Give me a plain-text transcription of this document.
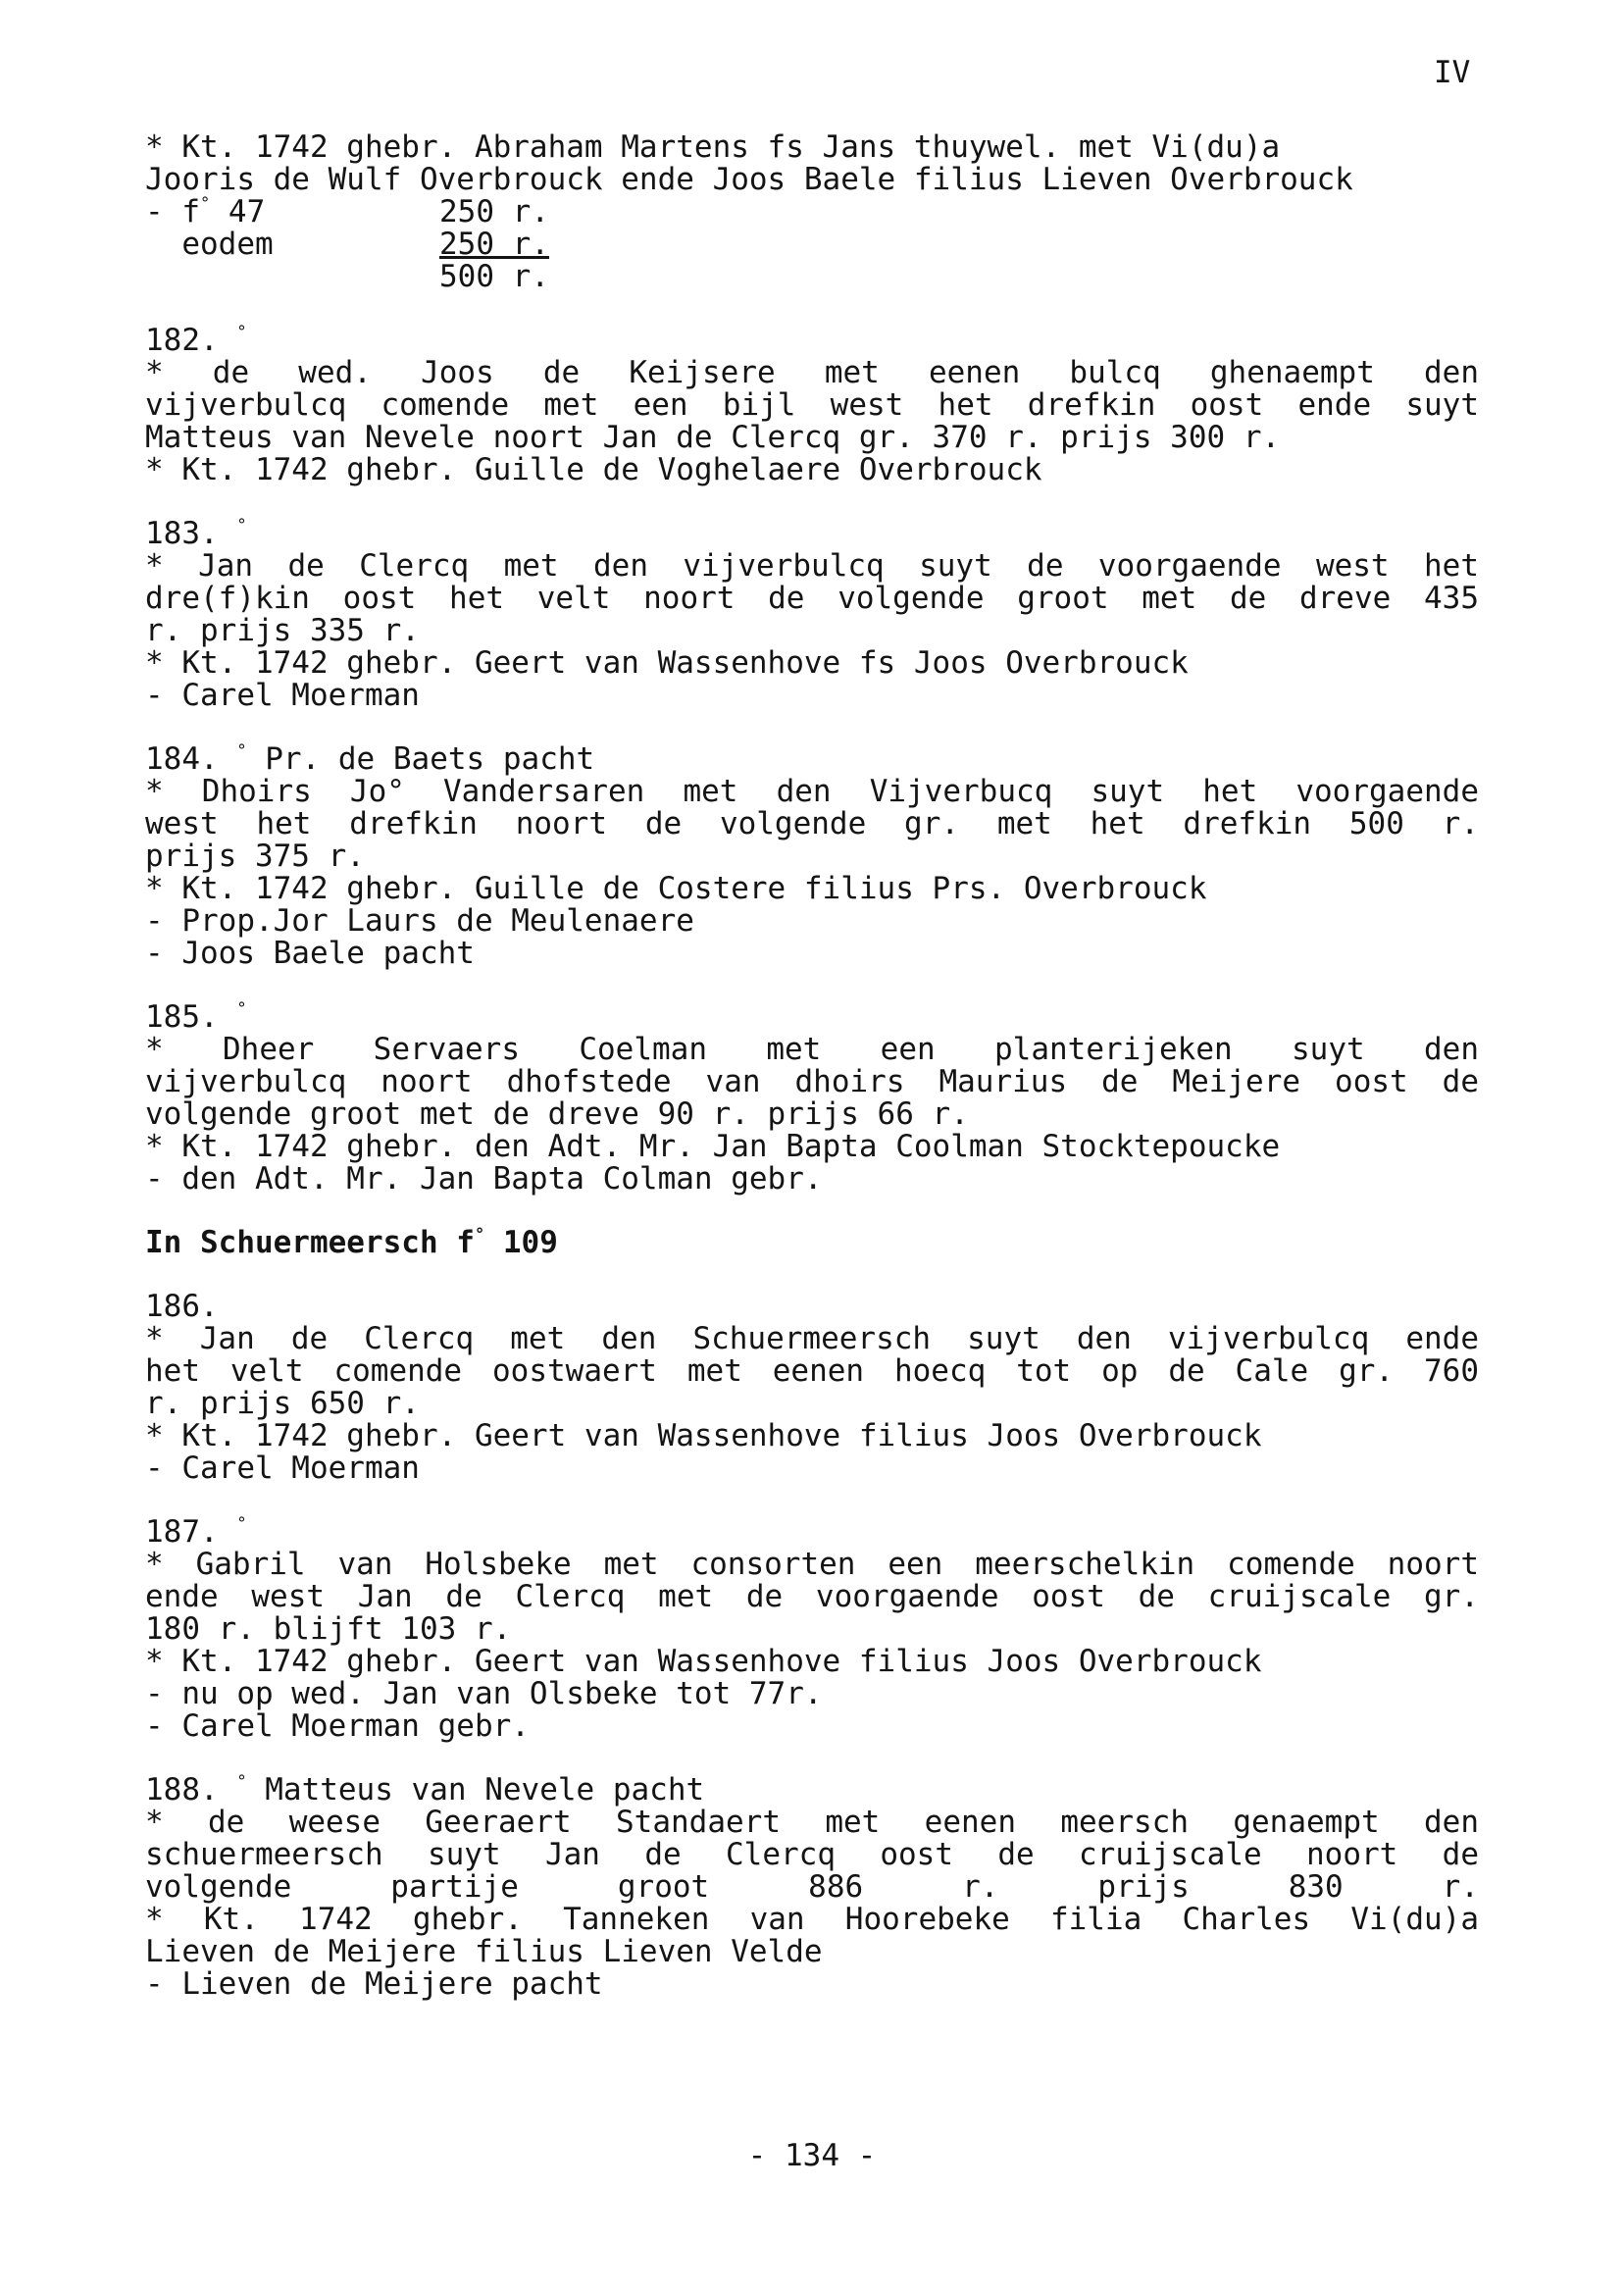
IV
* Kt. 1742 ghebr. Abraham Martens fs Jans thuywel. met Vi(du)a
Jooris de Wulf Overbrouck ende Joos Baele filius Lieven Overbrouck
- f° 47	250 r.
eodem	250 r.
500 r.
182. °
* de wed. Joos de Keijsere met eenen bulcq ghenaempt den
vijverbulcq comende met een bijl west het drefkin oost ende suyt
Matteus van Nevele noort Jan de Clercq gr. 370 r. prijs 300 r.
* Kt. 1742 ghebr. Guille de Voghelaere Overbrouck
183. °
* Jan de Clercq met den vijverbulcq suyt de voorgaende west het
dre(f)kin oost het velt noort de volgende groot met de dreve 435
r. prijs 335 r.
* Kt. 1742 ghebr. Geert van Wassenhove fs Joos Overbrouck
- Carel Moerman
184. ° Pr. de Baets pacht
* Dhoirs Jo° Vandersaren met den Vijverbucq suyt het voorgaende
west het drefkin noort de volgende gr. met het drefkin 500 r.
prijs 375 r.
* Kt. 1742 ghebr. Guille de Costere filius Prs. Overbrouck
- Prop.Jor Laurs de Meulenaere
- Joos Baele pacht
185. °
* Dheer Servaers Coelman met een planterijeken suyt den
vijverbulcq noort dhofstede van dhoirs Maurius de Meijere oost de
volgende groot met de dreve 90 r. prijs 66 r.
* Kt. 1742 ghebr. den Adt. Mr. Jan Bapta Coolman Stocktepoucke
- den Adt. Mr. Jan Bapta Colman gebr.
In Schuermeersch f° 109
186.
* Jan de Clercq met den Schuermeersch suyt den vijverbulcq ende
het velt comende oostwaert met eenen hoecq tot op de Cale gr. 760
r. prijs 650 r.
* Kt. 1742 ghebr. Geert van Wassenhove filius Joos Overbrouck
- Carel Moerman
187. °
* Gabril van Holsbeke met consorten een meerschelkin comende noort
ende west Jan de Clercq met de voorgaende oost de cruijscale gr.
180 r. blijft 103 r.
* Kt. 1742 ghebr. Geert van Wassenhove filius Joos Overbrouck
- nu op wed. Jan van Olsbeke tot 77r.
- Carel Moerman gebr.
188. ° Matteus van Nevele pacht
* de weese Geeraert Standaert met eenen meersch genaempt den
schuermeersch suyt Jan de Clercq oost de cruijscale noort de
volgende partije groot 886 r. prijs 830 r.
* Kt. 1742 ghebr. Tanneken van Hoorebeke filia Charles Vi(du)a
Lieven de Meijere filius Lieven Velde
- Lieven de Meijere pacht
- 134 -
